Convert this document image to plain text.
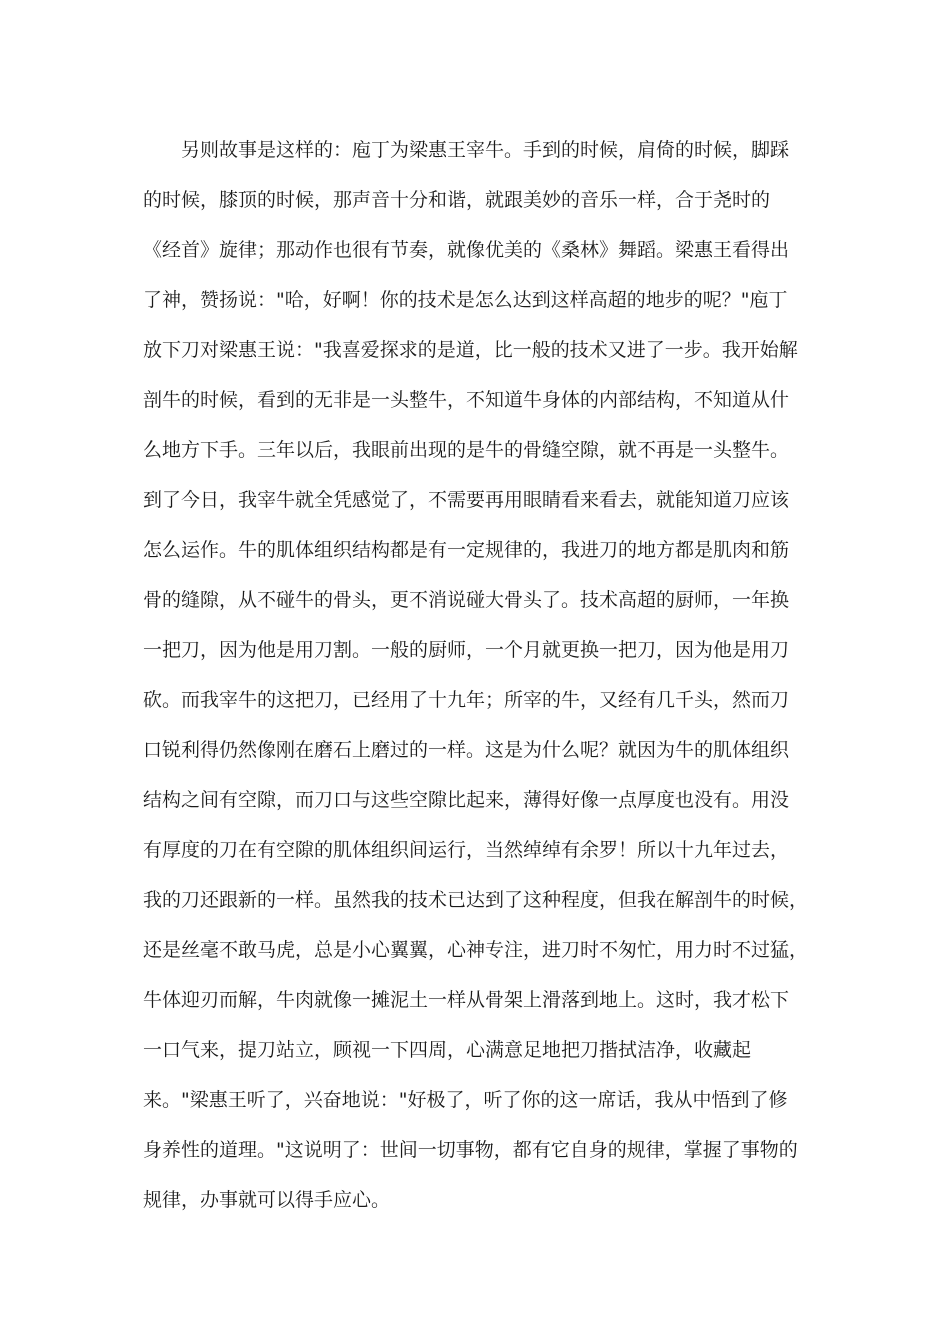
另则故事是这样的：庖丁为梁惠王宰牛。手到的时候，肩倚的时候，脚踩
的时候，膝顶的时候，那声音十分和谐，就跟美妙的音乐一样，合于尧时的
《经首》旋律；那动作也很有节奏，就像优美的《桑林》舞蹈。梁惠王看得出
了神，赞扬说："哈，好啊！你的技术是怎么达到这样高超的地步的呢？"庖丁
放下刀对梁惠王说："我喜爱探求的是道，比一般的技术又进了一步。我开始解
剖牛的时候，看到的无非是一头整牛，不知道牛身体的内部结构，不知道从什
么地方下手。三年以后，我眼前出现的是牛的骨缝空隙，就不再是一头整牛。
到了今日，我宰牛就全凭感觉了，不需要再用眼睛看来看去，就能知道刀应该
怎么运作。牛的肌体组织结构都是有一定规律的，我进刀的地方都是肌肉和筋
骨的缝隙，从不碰牛的骨头，更不消说碰大骨头了。技术高超的厨师，一年换
一把刀，因为他是用刀割。一般的厨师，一个月就更换一把刀，因为他是用刀
砍。而我宰牛的这把刀，已经用了十九年；所宰的牛，又经有几千头，然而刀
口锐利得仍然像刚在磨石上磨过的一样。这是为什么呢？就因为牛的肌体组织
结构之间有空隙，而刀口与这些空隙比起来，薄得好像一点厚度也没有。用没
有厚度的刀在有空隙的肌体组织间运行，当然绰绰有余罗！所以十九年过去，
我的刀还跟新的一样。虽然我的技术已达到了这种程度，但我在解剖牛的时候，
还是丝毫不敢马虎，总是小心翼翼，心神专注，进刀时不匆忙，用力时不过猛，
牛体迎刃而解，牛肉就像一摊泥土一样从骨架上滑落到地上。这时，我才松下
一口气来，提刀站立，顾视一下四周，心满意足地把刀揩拭洁净，收藏起
来。"梁惠王听了，兴奋地说："好极了，听了你的这一席话，我从中悟到了修
身养性的道理。"这说明了：世间一切事物，都有它自身的规律，掌握了事物的
规律，办事就可以得手应心。
